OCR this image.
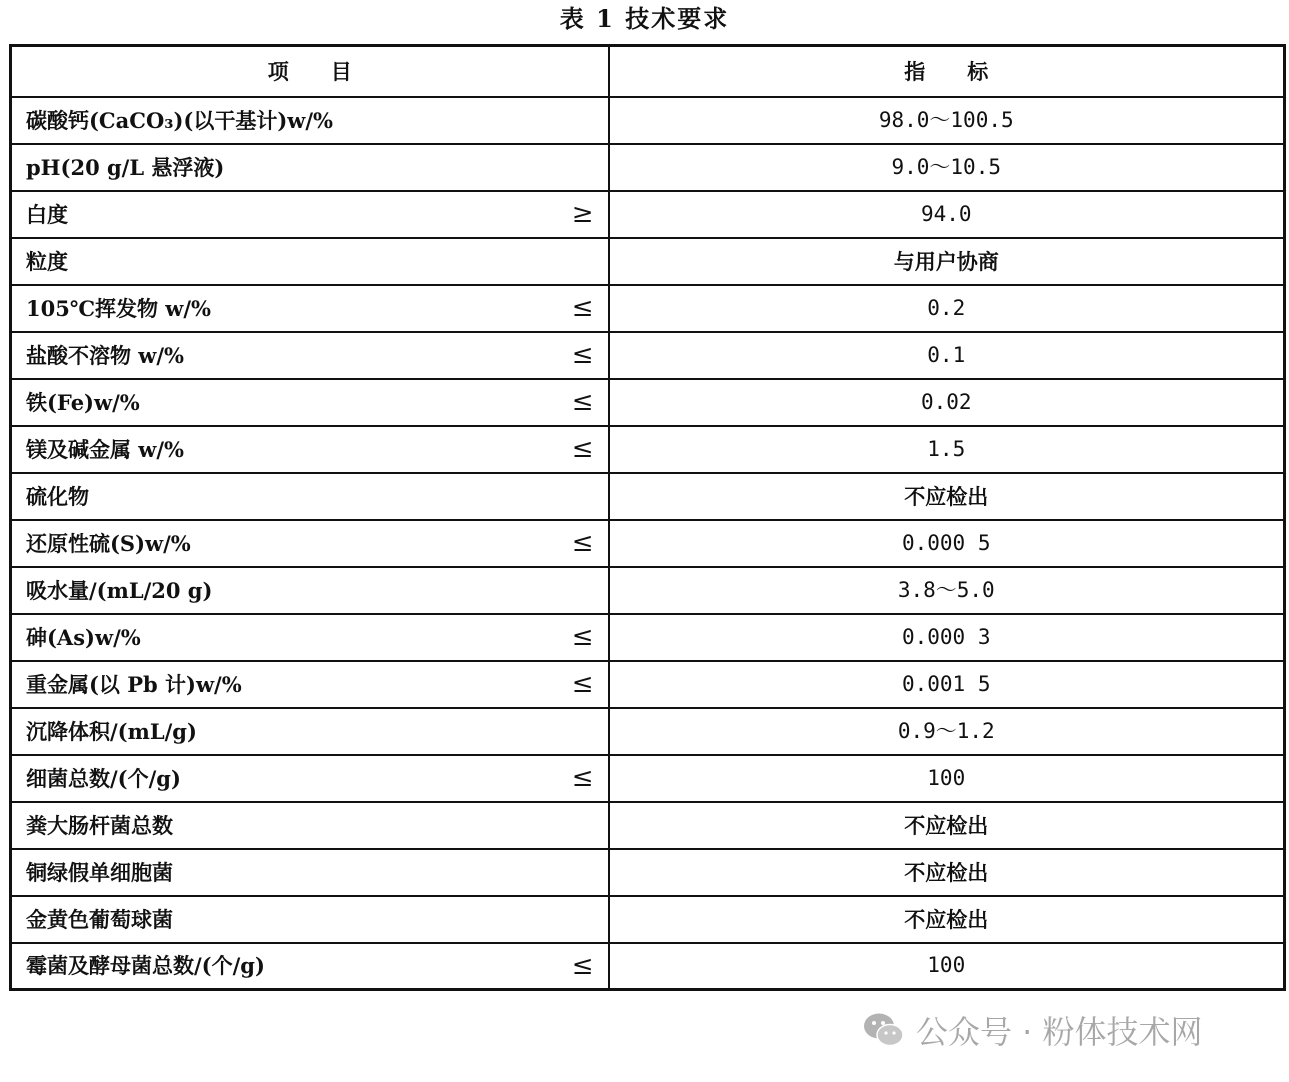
表 1 技术要求
项　　目	指　　标
碳酸钙(CaCO₃)(以干基计)w/%	98.0～100.5
pH(20 g/L 悬浮液)	9.0～10.5
白度 ≥	94.0
粒度	与用户协商
105℃挥发物 w/% ≤	0.2
盐酸不溶物 w/% ≤	0.1
铁(Fe)w/% ≤	0.02
镁及碱金属 w/% ≤	1.5
硫化物	不应检出
还原性硫(S)w/% ≤	0.000 5
吸水量/(mL/20 g)	3.8～5.0
砷(As)w/% ≤	0.000 3
重金属(以 Pb 计)w/% ≤	0.001 5
沉降体积/(mL/g)	0.9～1.2
细菌总数/(个/g) ≤	100
粪大肠杆菌总数	不应检出
铜绿假单细胞菌	不应检出
金黄色葡萄球菌	不应检出
霉菌及酵母菌总数/(个/g) ≤	100
公众号 · 粉体技术网
